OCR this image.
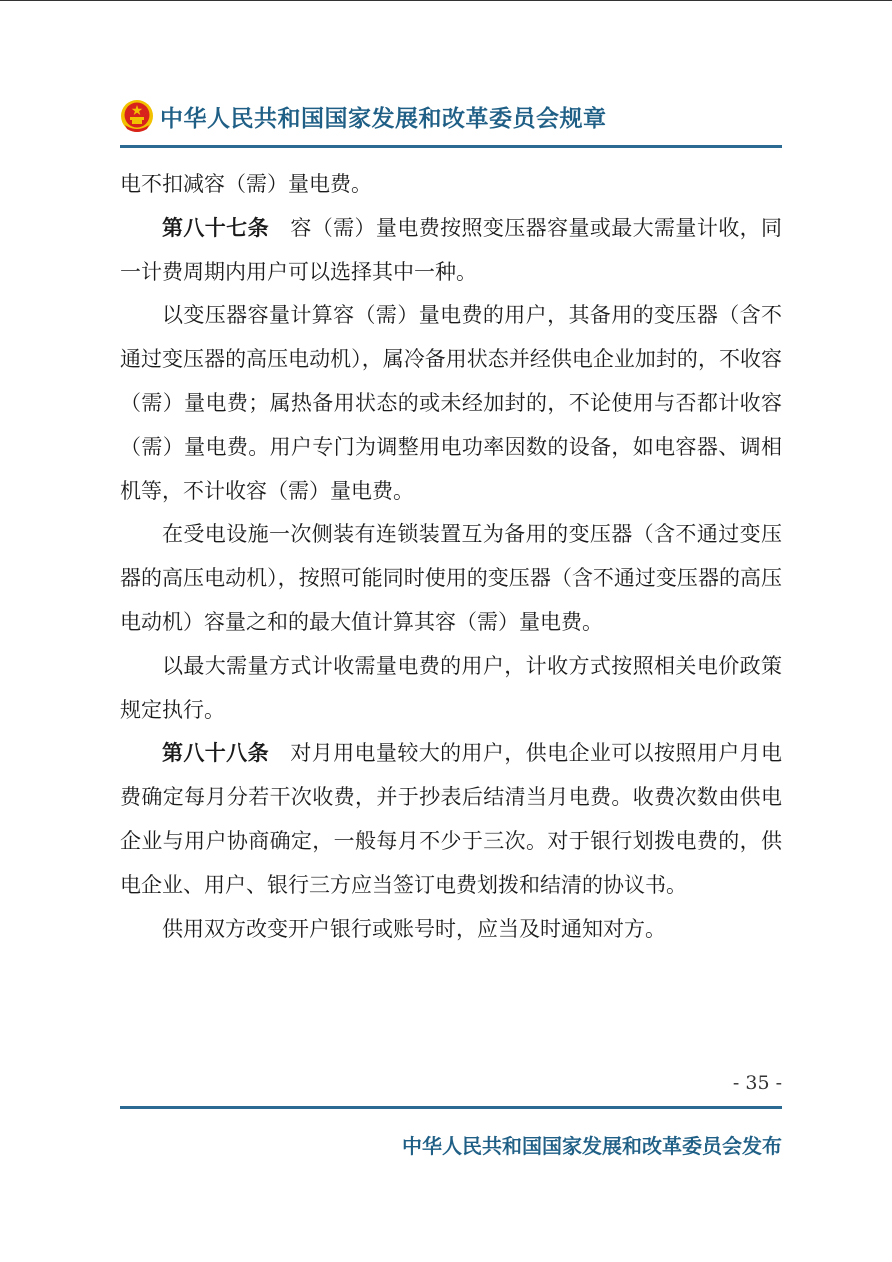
中华人民共和国国家发展和改革委员会规章

电不扣减容（需）量电费。

第八十七条 容（需）量电费按照变压器容量或最大需量计收，同一计费周期内用户可以选择其中一种。

以变压器容量计算容（需）量电费的用户，其备用的变压器（含不通过变压器的高压电动机），属冷备用状态并经供电企业加封的，不收容（需）量电费；属热备用状态的或未经加封的，不论使用与否都计收容（需）量电费。用户专门为调整用电功率因数的设备，如电容器、调相机等，不计收容（需）量电费。

在受电设施一次侧装有连锁装置互为备用的变压器（含不通过变压器的高压电动机），按照可能同时使用的变压器（含不通过变压器的高压电动机）容量之和的最大值计算其容（需）量电费。

以最大需量方式计收需量电费的用户，计收方式按照相关电价政策规定执行。

第八十八条 对月用电量较大的用户，供电企业可以按照用户月电费确定每月分若干次收费，并于抄表后结清当月电费。收费次数由供电企业与用户协商确定，一般每月不少于三次。对于银行划拨电费的，供电企业、用户、银行三方应当签订电费划拨和结清的协议书。

供用双方改变开户银行或账号时，应当及时通知对方。

- 35 -
中华人民共和国国家发展和改革委员会发布
